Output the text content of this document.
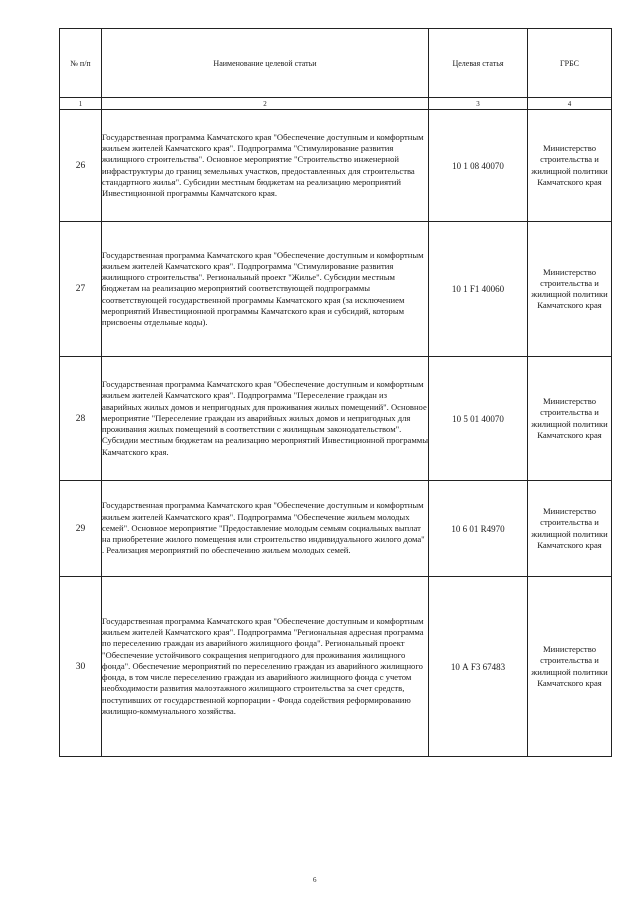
№ п/п	Наименование целевой статьи	Целевая статья	ГРБС
1	2	3	4
26	Государственная программа Камчатского края "Обеспечение доступным и комфортным жильем жителей Камчатского края". Подпрограмма "Стимулирование развития жилищного строительства". Основное мероприятие "Строительство инженерной инфраструктуры до границ земельных участков, предоставленных для строительства стандартного жилья". Субсидии местным бюджетам на реализацию мероприятий Инвестиционной программы Камчатского края.	10 1 08 40070	Министерство строительства и жилищной политики Камчатского края
27	Государственная программа Камчатского края "Обеспечение доступным и комфортным жильем жителей Камчатского края". Подпрограмма "Стимулирование развития жилищного строительства". Региональный проект "Жилье". Субсидии местным бюджетам на реализацию мероприятий соответствующей подпрограммы соответствующей государственной программы Камчатского края (за исключением мероприятий Инвестиционной программы Камчатского края и субсидий, которым присвоены отдельные коды).	10 1 F1 40060	Министерство строительства и жилищной политики Камчатского края
28	Государственная программа Камчатского края "Обеспечение доступным и комфортным жильем жителей Камчатского края". Подпрограмма "Переселение граждан из аварийных жилых домов и непригодных для проживания жилых помещений". Основное мероприятие "Переселение граждан из аварийных жилых домов и непригодных для проживания жилых помещений в соответствии с жилищным законодательством". Субсидии местным бюджетам на реализацию мероприятий Инвестиционной программы Камчатского края.	10 5 01 40070	Министерство строительства и жилищной политики Камчатского края
29	Государственная программа Камчатского края "Обеспечение доступным и комфортным жильем жителей Камчатского края". Подпрограмма "Обеспечение жильем молодых семей". Основное мероприятие "Предоставление молодым семьям социальных выплат на приобретение жилого помещения или строительство индивидуального жилого дома" . Реализация мероприятий по обеспечению жильем молодых семей.	10 6 01 R4970	Министерство строительства и жилищной политики Камчатского края
30	Государственная программа Камчатского края "Обеспечение доступным и комфортным жильем жителей Камчатского края". Подпрограмма "Региональная адресная программа по переселению граждан из аварийного жилищного фонда". Региональный проект "Обеспечение устойчивого сокращения непригодного для проживания жилищного фонда". Обеспечение мероприятий по переселению граждан из аварийного жилищного фонда, в том числе переселению граждан из аварийного жилищного фонда с учетом необходимости развития малоэтажного жилищного строительства за счет средств, поступивших от государственной корпорации - Фонда содействия реформированию жилищно-коммунального хозяйства.	10 А F3 67483	Министерство строительства и жилищной политики Камчатского края
6
